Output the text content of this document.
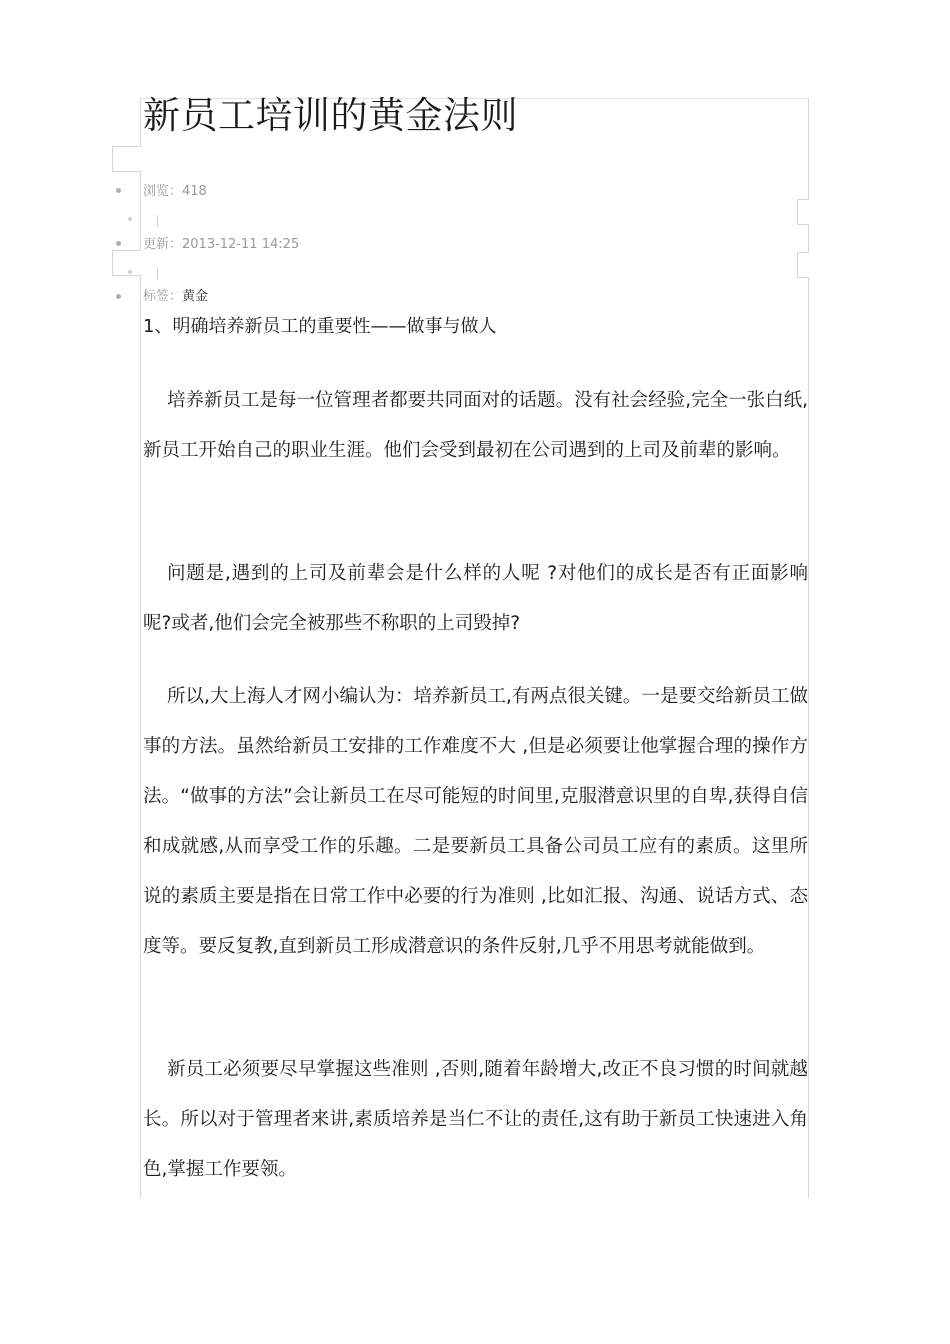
新员工培训的黄金法则
浏览：418
更新：2013-12-11 14:25
标签：黄金
1、明确培养新员工的重要性——做事与做人

培养新员工是每一位管理者都要共同面对的话题。没有社会经验,完全一张白纸,新员工开始自己的职业生涯。他们会受到最初在公司遇到的上司及前辈的影响。

问题是,遇到的上司及前辈会是什么样的人呢 ?对他们的成长是否有正面影响呢?或者,他们会完全被那些不称职的上司毁掉?

所以,大上海人才网小编认为：培养新员工,有两点很关键。一是要交给新员工做事的方法。虽然给新员工安排的工作难度不大 ,但是必须要让他掌握合理的操作方法。“做事的方法”会让新员工在尽可能短的时间里,克服潜意识里的自卑,获得自信和成就感,从而享受工作的乐趣。二是要新员工具备公司员工应有的素质。这里所说的素质主要是指在日常工作中必要的行为准则 ,比如汇报、沟通、说话方式、态度等。要反复教,直到新员工形成潜意识的条件反射,几乎不用思考就能做到。

新员工必须要尽早掌握这些准则 ,否则,随着年龄增大,改正不良习惯的时间就越长。所以对于管理者来讲,素质培养是当仁不让的责任,这有助于新员工快速进入角色,掌握工作要领。
